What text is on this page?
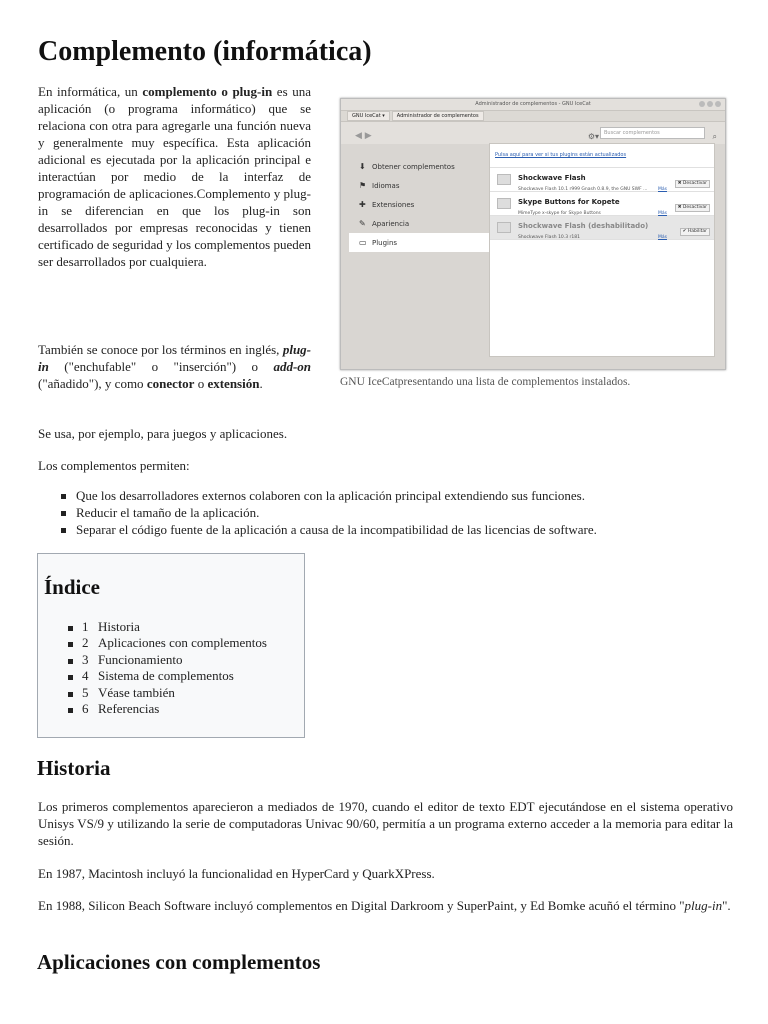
Complemento (informática)

En informática, un complemento o plug-in es una aplicación (o programa informático) que se relaciona con otra para agregarle una función nueva y generalmente muy específica. Esta aplicación adicional es ejecutada por la aplicación principal e interactúan por medio de la interfaz de programación de aplicaciones.Complemento y plug-in se diferencian en que los plug-in son desarrollados por empresas reconocidas y tienen certificado de seguridad y los complementos pueden ser desarrollados por cualquiera.

También se conoce por los términos en inglés, plug-in ("enchufable" o "inserción") o add-on ("añadido"), y como conector o extensión.

Administrador de complementos - GNU IceCat
GNU IceCat ▾ Administrador de complementos
◀ ▶	⚙▾	Buscar complementos	⌕
⬇ Obtener complementos
⚑ Idiomas
✚ Extensiones
✎ Apariencia
▭ Plugins
Pulsa aquí para ver si tus plugins están actualizados
Shockwave Flash
Shockwave Flash 10.1 r999 Gnash 0.8.9, the GNU SWF ... Más
✖ Desactivar
Skype Buttons for Kopete
MimeType x-skype for Skype Buttons	Más
✖ Desactivar
Shockwave Flash (deshabilitado)
Shockwave Flash 10.3 r181	Más
✔ Habilitar
GNU IceCatpresentando una lista de complementos instalados.

Se usa, por ejemplo, para juegos y aplicaciones.

Los complementos permiten:

Que los desarrolladores externos colaboren con la aplicación principal extendiendo sus funciones.
Reducir el tamaño de la aplicación.
Separar el código fuente de la aplicación a causa de la incompatibilidad de las licencias de software.
Índice
1 Historia
2 Aplicaciones con complementos
3 Funcionamiento
4 Sistema de complementos
5 Véase también
6 Referencias
Historia

Los primeros complementos aparecieron a mediados de 1970, cuando el editor de texto EDT ejecutándose en el sistema operativo Unisys VS/9 y utilizando la serie de computadoras Univac 90/60, permitía a un programa externo acceder a la memoria para editar la sesión.

En 1987, Macintosh incluyó la funcionalidad en HyperCard y QuarkXPress.

En 1988, Silicon Beach Software incluyó complementos en Digital Darkroom y SuperPaint, y Ed Bomke acuñó el término "plug-in".

Aplicaciones con complementos
